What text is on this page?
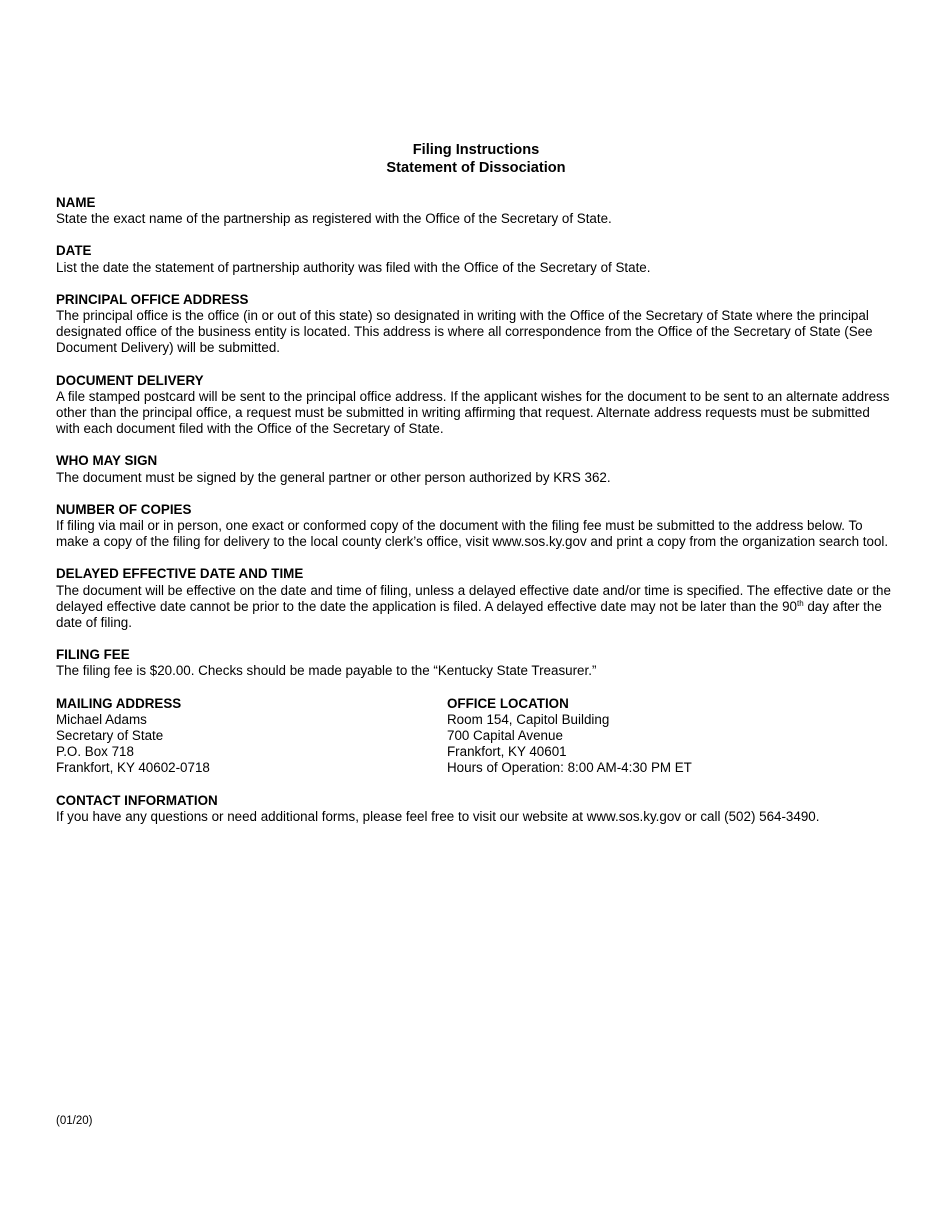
Filing Instructions
Statement of Dissociation
NAME

State the exact name of the partnership as registered with the Office of the Secretary of State.

DATE

List the date the statement of partnership authority was filed with the Office of the Secretary of State.

PRINCIPAL OFFICE ADDRESS

The principal office is the office (in or out of this state) so designated in writing with the Office of the Secretary of State where the principal designated office of the business entity is located. This address is where all correspondence from the Office of the Secretary of State (See Document Delivery) will be submitted.

DOCUMENT DELIVERY

A file stamped postcard will be sent to the principal office address. If the applicant wishes for the document to be sent to an alternate address other than the principal office, a request must be submitted in writing affirming that request. Alternate address requests must be submitted with each document filed with the Office of the Secretary of State.

WHO MAY SIGN

The document must be signed by the general partner or other person authorized by KRS 362.

NUMBER OF COPIES

If filing via mail or in person, one exact or conformed copy of the document with the filing fee must be submitted to the address below. To make a copy of the filing for delivery to the local county clerk’s office, visit www.sos.ky.gov and print a copy from the organization search tool.

DELAYED EFFECTIVE DATE AND TIME

The document will be effective on the date and time of filing, unless a delayed effective date and/or time is specified. The effective date or the delayed effective date cannot be prior to the date the application is filed. A delayed effective date may not be later than the 90th day after the date of filing.

FILING FEE

The filing fee is $20.00. Checks should be made payable to the “Kentucky State Treasurer.”

MAILING ADDRESS
Michael Adams
Secretary of State
P.O. Box 718
Frankfort, KY 40602-0718
OFFICE LOCATION
Room 154, Capitol Building
700 Capital Avenue
Frankfort, KY 40601
Hours of Operation: 8:00 AM-4:30 PM ET
CONTACT INFORMATION

If you have any questions or need additional forms, please feel free to visit our website at www.sos.ky.gov or call (502) 564-3490.

(01/20)
